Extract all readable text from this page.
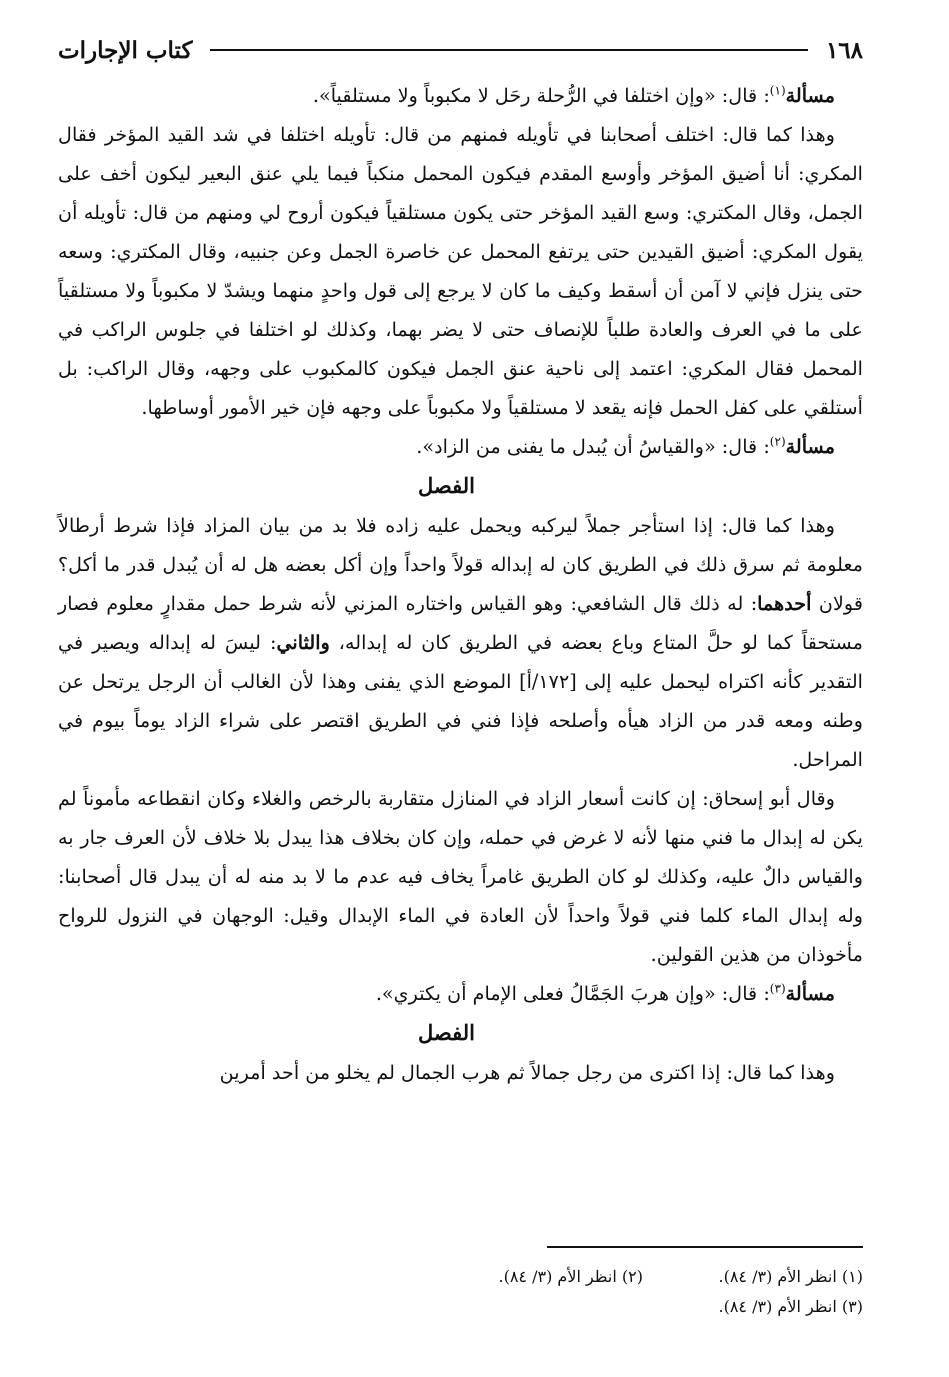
١٦٨
كتاب الإجارات

مسألة$^{(١)}$: قال: «وإن اختلفا في الرُّحلة رحَل لا مكبوباً ولا مستلقياً».

وهذا كما قال: اختلف أصحابنا في تأويله فمنهم من قال: تأويله اختلفا في شد القيد المؤخر فقال المكري: أنا أضيق المؤخر وأوسع المقدم فيكون المحمل منكباً فيما يلي عنق البعير ليكون أخف على الجمل، وقال المكتري: وسع القيد المؤخر حتى يكون مستلقياً فيكون أروح لي ومنهم من قال: تأويله أن يقول المكري: أضيق القيدين حتى يرتفع المحمل عن خاصرة الجمل وعن جنبيه، وقال المكتري: وسعه حتى ينزل فإني لا آمن أن أسقط وكيف ما كان لا يرجع إلى قول واحدٍ منهما ويشدّ لا مكبوباً ولا مستلقياً على ما في العرف والعادة طلباً للإنصاف حتى لا يضر بهما، وكذلك لو اختلفا في جلوس الراكب في المحمل فقال المكري: اعتمد إلى ناحية عنق الجمل فيكون كالمكبوب على وجهه، وقال الراكب: بل أستلقي على كفل الحمل فإنه يقعد لا مستلقياً ولا مكبوباً على وجهه فإن خير الأمور أوساطها.

مسألة$^{(٢)}$: قال: «والقياسُ أن يُبدل ما يفنى من الزاد».

الفصل

وهذا كما قال: إذا استأجر جملاً ليركبه ويحمل عليه زاده فلا بد من بيان المزاد فإذا شرط أرطالاً معلومة ثم سرق ذلك في الطريق كان له إبداله قولاً واحداً وإن أكل بعضه هل له أن يُبدل قدر ما أكل؟ قولان أحدهما: له ذلك قال الشافعي: وهو القياس واختاره المزني لأنه شرط حمل مقدارٍ معلوم فصار مستحقاً كما لو حلَّ المتاع وباع بعضه في الطريق كان له إبداله، والثاني: ليسَ له إبداله ويصير في التقدير كأنه اكتراه ليحمل عليه إلى [١٧٢/أ] الموضع الذي يفنى وهذا لأن الغالب أن الرجل يرتحل عن وطنه ومعه قدر من الزاد هيأه وأصلحه فإذا فني في الطريق اقتصر على شراء الزاد يوماً بيوم في المراحل.

وقال أبو إسحاق: إن كانت أسعار الزاد في المنازل متقاربة بالرخص والغلاء وكان انقطاعه مأموناً لم يكن له إبدال ما فني منها لأنه لا غرض في حمله، وإن كان بخلاف هذا يبدل بلا خلاف لأن العرف جار به والقياس دالٌ عليه، وكذلك لو كان الطريق غامراً يخاف فيه عدم ما لا بد منه له أن يبدل قال أصحابنا: وله إبدال الماء كلما فني قولاً واحداً لأن العادة في الماء الإبدال وقيل: الوجهان في النزول للرواح مأخوذان من هذين القولين.

مسألة$^{(٣)}$: قال: «وإن هربَ الجَمَّالُ فعلى الإمام أن يكتري».

الفصل

وهذا كما قال: إذا اكترى من رجل جمالاً ثم هرب الجمال لم يخلو من أحد أمرين

(١) انظر الأم (٣/ ٨٤).
(٢) انظر الأم (٣/ ٨٤).
(٣) انظر الأم (٣/ ٨٤).
